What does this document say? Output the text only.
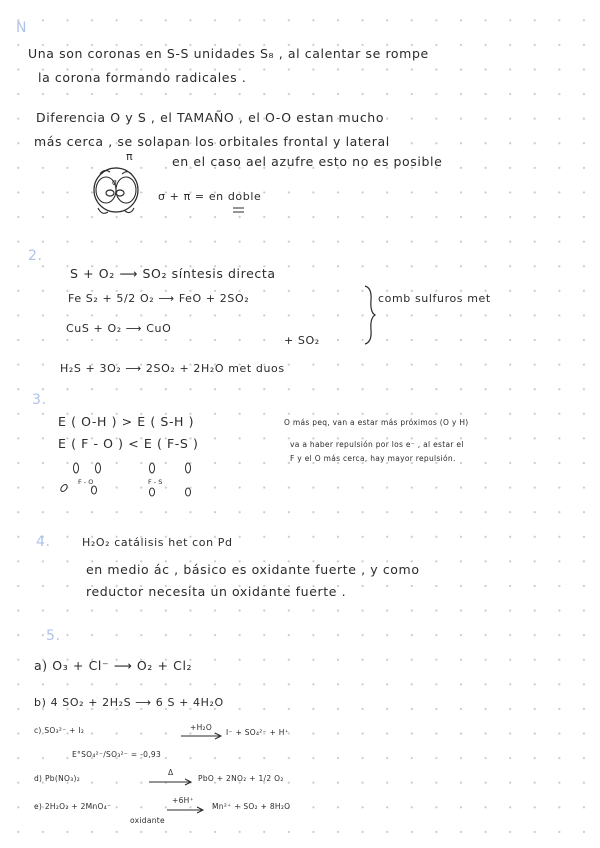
N
Una son coronas en S-S unidades S₈ , al calentar se rompe
la corona formando radicales .
Diferencia O y S , el TAMAÑO , el O-O estan mucho
más cerca , se solapan los orbitales frontal y lateral
π	en el caso ael azufre esto no es posible
σ
σ + π = en doble
2.
S + O₂ ⟶ SO₂ síntesis directa
Fe S₂ + 5/2 O₂ ⟶ FeO + 2SO₂	comb sulfuros met
CuS + O₂ ⟶ CuO
+ SO₂
H₂S + 3O₂ ⟶ 2SO₂ + 2H₂O met duos
3.
E ( O-H ) > E ( S-H )	O más peq, van a estar más próximos (O y H)
E ( F - O ) < E ( F-S )	va a haber repulsión por los e⁻ , al estar el
F y el O más cerca, hay mayor repulsión.
F - O	F - S
4.	H₂O₂ catálisis het con Pd
en medio ác , básico es oxidante fuerte , y como
reductor necesita un oxidante fuerte .
5.
a) O₃ + Cl⁻ ⟶ O₂ + Cl₂
b) 4 SO₂ + 2H₂S ⟶ 6 S + 4H₂O
c) SO₃²⁻ + I₂	+H₂O
I⁻ + SO₄²⁻ + H⁺
E°SO₄²⁻/SO₃²⁻ = -0,93
d) Pb(NO₃)₂
Δ
PbO + 2NO₂ + 1/2 O₂
e) 2H₂O₂ + 2MnO₄⁻
+6H⁺
Mn²⁺ + SO₂ + 8H₂O
oxidante
